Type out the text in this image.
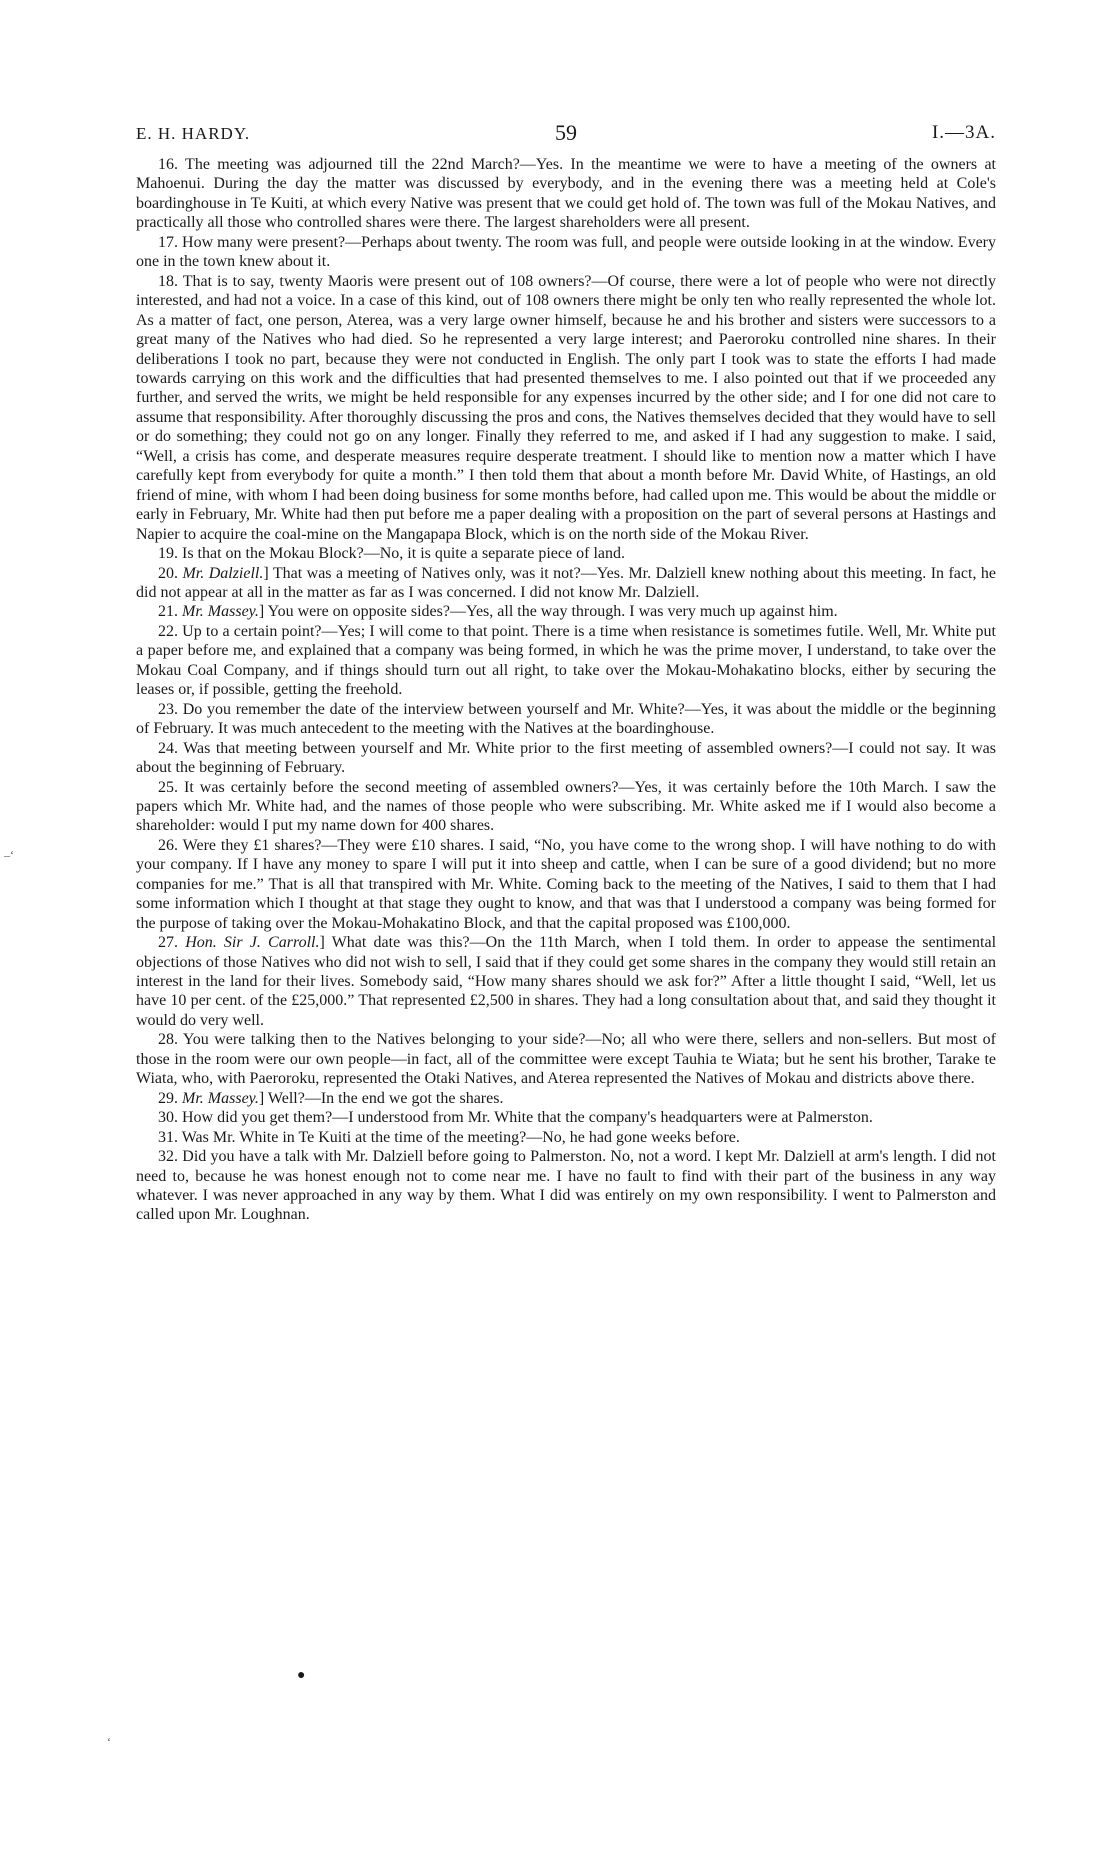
E. H. HARDY.	59	I.—3A.

16. The meeting was adjourned till the 22nd March?—Yes. In the meantime we were to have a meeting of the owners at Mahoenui. During the day the matter was discussed by everybody, and in the evening there was a meeting held at Cole's boardinghouse in Te Kuiti, at which every Native was present that we could get hold of. The town was full of the Mokau Natives, and practically all those who controlled shares were there. The largest shareholders were all present.

17. How many were present?—Perhaps about twenty. The room was full, and people were outside looking in at the window. Every one in the town knew about it.

18. That is to say, twenty Maoris were present out of 108 owners?—Of course, there were a lot of people who were not directly interested, and had not a voice. In a case of this kind, out of 108 owners there might be only ten who really represented the whole lot. As a matter of fact, one person, Aterea, was a very large owner himself, because he and his brother and sisters were successors to a great many of the Natives who had died. So he represented a very large interest; and Paeroroku controlled nine shares. In their deliberations I took no part, because they were not conducted in English. The only part I took was to state the efforts I had made towards carrying on this work and the difficulties that had presented themselves to me. I also pointed out that if we proceeded any further, and served the writs, we might be held responsible for any expenses incurred by the other side; and I for one did not care to assume that responsibility. After thoroughly discussing the pros and cons, the Natives themselves decided that they would have to sell or do something; they could not go on any longer. Finally they referred to me, and asked if I had any suggestion to make. I said, “Well, a crisis has come, and desperate measures require desperate treatment. I should like to mention now a matter which I have carefully kept from everybody for quite a month.” I then told them that about a month before Mr. David White, of Hastings, an old friend of mine, with whom I had been doing business for some months before, had called upon me. This would be about the middle or early in February, Mr. White had then put before me a paper dealing with a proposition on the part of several persons at Hastings and Napier to acquire the coal-mine on the Mangapapa Block, which is on the north side of the Mokau River.

19. Is that on the Mokau Block?—No, it is quite a separate piece of land.

20. Mr. Dalziell.] That was a meeting of Natives only, was it not?—Yes. Mr. Dalziell knew nothing about this meeting. In fact, he did not appear at all in the matter as far as I was concerned. I did not know Mr. Dalziell.

21. Mr. Massey.] You were on opposite sides?—Yes, all the way through. I was very much up against him.

22. Up to a certain point?—Yes; I will come to that point. There is a time when resistance is sometimes futile. Well, Mr. White put a paper before me, and explained that a company was being formed, in which he was the prime mover, I understand, to take over the Mokau Coal Company, and if things should turn out all right, to take over the Mokau-Mohakatino blocks, either by securing the leases or, if possible, getting the freehold.

23. Do you remember the date of the interview between yourself and Mr. White?—Yes, it was about the middle or the beginning of February. It was much antecedent to the meeting with the Natives at the boardinghouse.

24. Was that meeting between yourself and Mr. White prior to the first meeting of assembled owners?—I could not say. It was about the beginning of February.

25. It was certainly before the second meeting of assembled owners?—Yes, it was certainly before the 10th March. I saw the papers which Mr. White had, and the names of those people who were subscribing. Mr. White asked me if I would also become a shareholder: would I put my name down for 400 shares.

26. Were they £1 shares?—They were £10 shares. I said, “No, you have come to the wrong shop. I will have nothing to do with your company. If I have any money to spare I will put it into sheep and cattle, when I can be sure of a good dividend; but no more companies for me.” That is all that transpired with Mr. White. Coming back to the meeting of the Natives, I said to them that I had some information which I thought at that stage they ought to know, and that was that I understood a company was being formed for the purpose of taking over the Mokau-Mohakatino Block, and that the capital proposed was £100,000.

27. Hon. Sir J. Carroll.] What date was this?—On the 11th March, when I told them. In order to appease the sentimental objections of those Natives who did not wish to sell, I said that if they could get some shares in the company they would still retain an interest in the land for their lives. Somebody said, “How many shares should we ask for?” After a little thought I said, “Well, let us have 10 per cent. of the £25,000.” That represented £2,500 in shares. They had a long consultation about that, and said they thought it would do very well.

28. You were talking then to the Natives belonging to your side?—No; all who were there, sellers and non-sellers. But most of those in the room were our own people—in fact, all of the committee were except Tauhia te Wiata; but he sent his brother, Tarake te Wiata, who, with Paeroroku, represented the Otaki Natives, and Aterea represented the Natives of Mokau and districts above there.

29. Mr. Massey.] Well?—In the end we got the shares.

30. How did you get them?—I understood from Mr. White that the company's headquarters were at Palmerston.

31. Was Mr. White in Te Kuiti at the time of the meeting?—No, he had gone weeks before.

32. Did you have a talk with Mr. Dalziell before going to Palmerston. No, not a word. I kept Mr. Dalziell at arm's length. I did not need to, because he was honest enough not to come near me. I have no fault to find with their part of the business in any way whatever. I was never approached in any way by them. What I did was entirely on my own responsibility. I went to Palmerston and called upon Mr. Loughnan.

–‘
●
‘
